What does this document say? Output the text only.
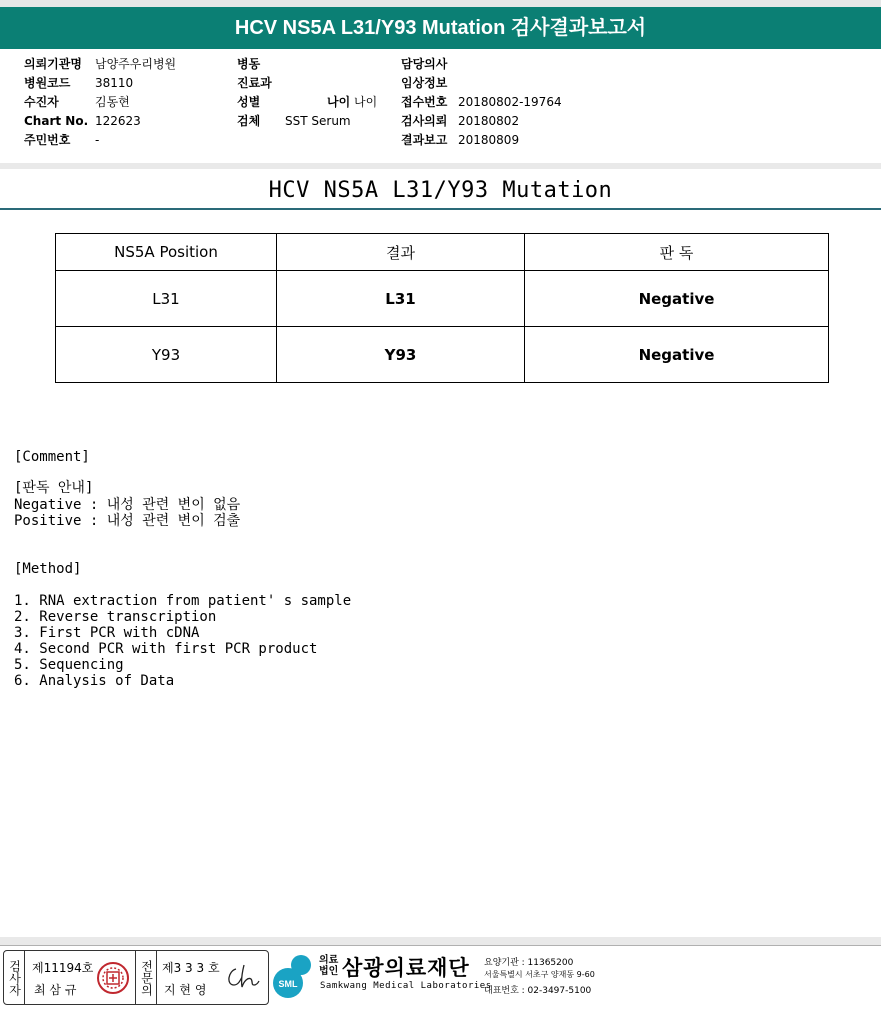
HCV NS5A L31/Y93 Mutation 검사결과보고서
의뢰기관명 남양주우리병원
병원코드 38110
수진자	김동현
Chart No. 122623
주민번호 -
병동
진료과
성별	나이 나이
검체 SST Serum
담당의사
임상정보
접수번호 20180802-19764
검사의뢰 20180802
결과보고 20180809
HCV NS5A L31/Y93 Mutation
NS5A Position	결과	판 독
L31	L31	Negative
Y93	Y93	Negative
[Comment]
[판독 안내]
Negative : 내성 관련 변이 없음
Positive : 내성 관련 변이 검출
[Method]
1. RNA extraction from patient' s sample
2. Reverse transcription
3. First PCR with cDNA
4. Second PCR with first PCR product
5. Sequencing
6. Analysis of Data
검사자 제11194호
최 삼 규	전문의 제3 3 3 호
지 현 영	SML
의료법인 삼광의료재단
Samkwang Medical Laboratories
요양기관 : 11365200
서울특별시 서초구 양재동 9-60
대표번호 : 02-3497-5100
